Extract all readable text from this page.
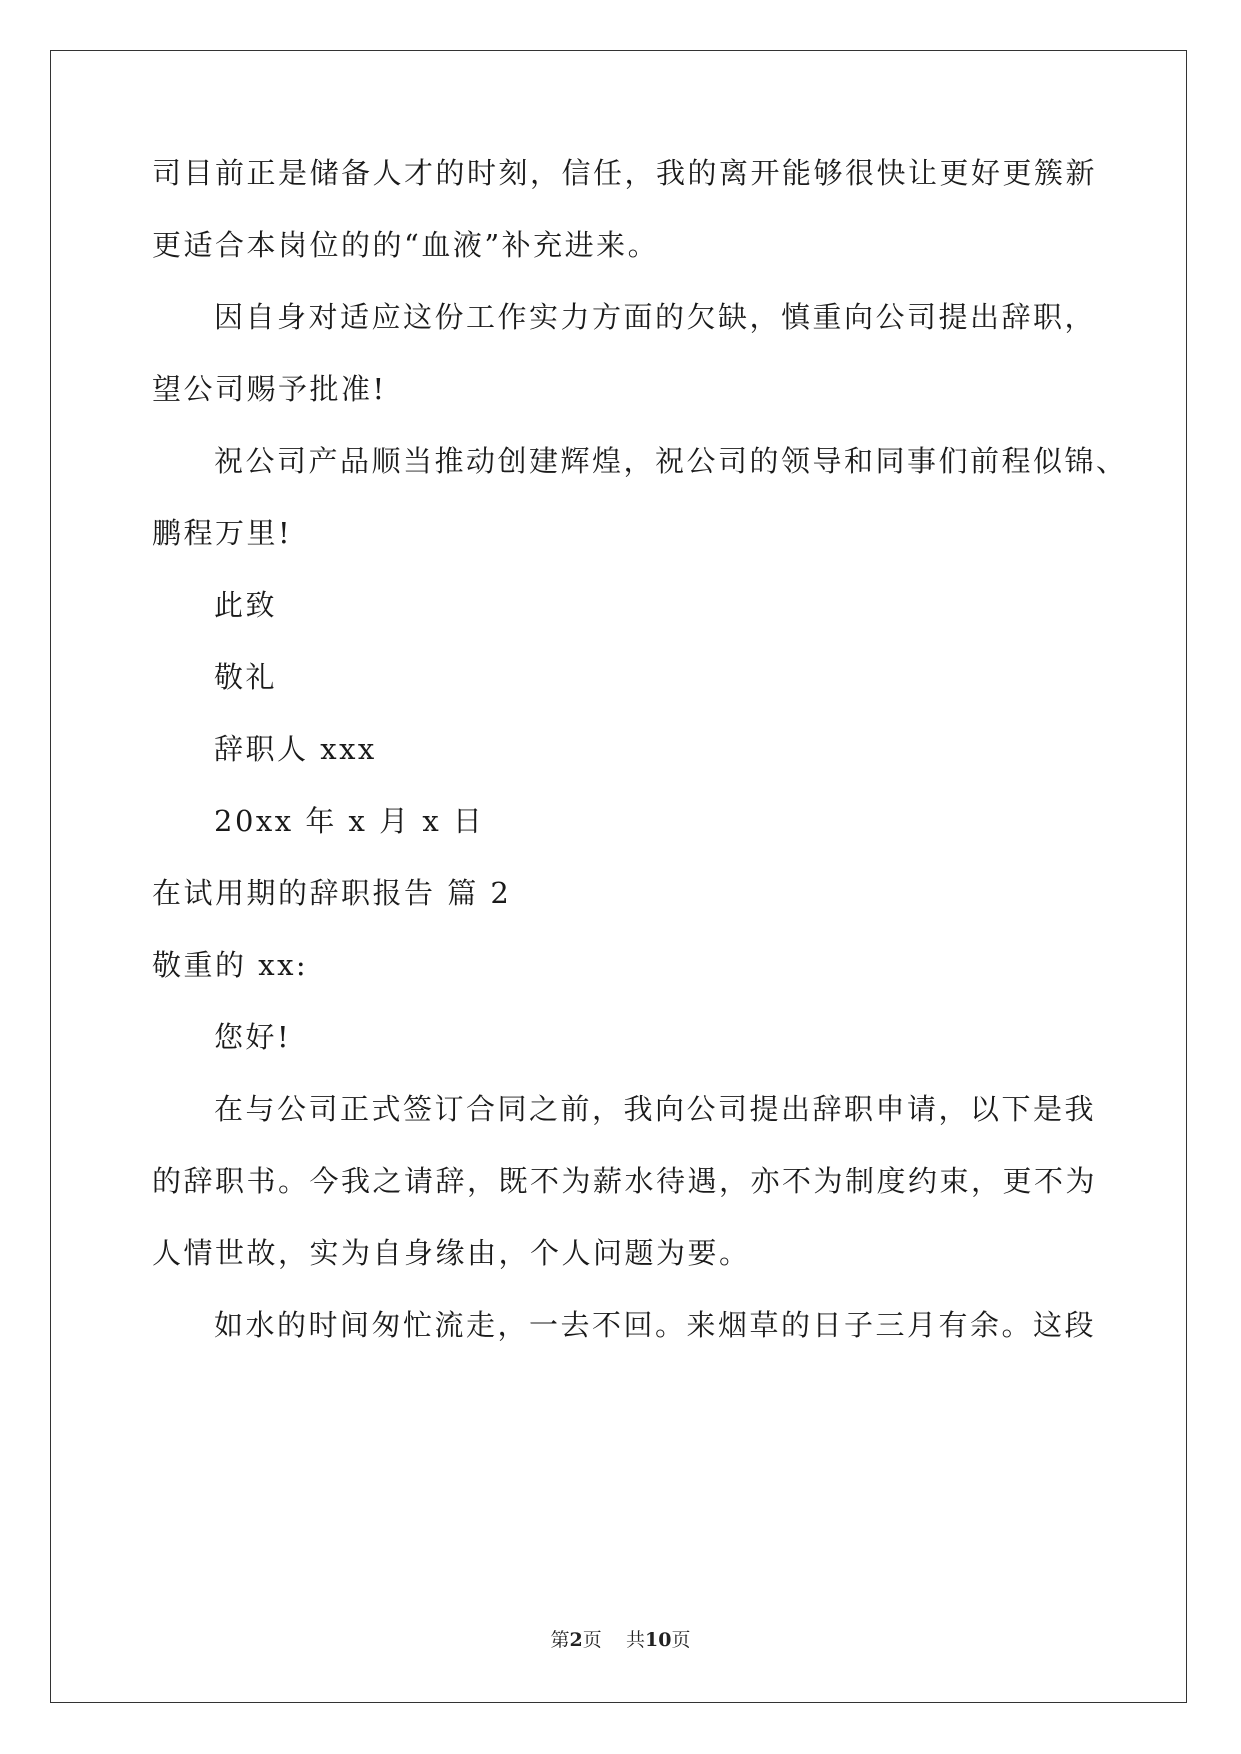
司目前正是储备人才的时刻，信任，我的离开能够很快让更好更簇新
更适合本岗位的的“血液”补充进来。
因自身对适应这份工作实力方面的欠缺，慎重向公司提出辞职，
望公司赐予批准!
祝公司产品顺当推动创建辉煌，祝公司的领导和同事们前程似锦、
鹏程万里!
此致
敬礼
辞职人 xxx
20xx 年 x 月 x 日
在试用期的辞职报告 篇 2
敬重的 xx:
您好!
在与公司正式签订合同之前，我向公司提出辞职申请，以下是我
的辞职书。今我之请辞，既不为薪水待遇，亦不为制度约束，更不为
人情世故，实为自身缘由，个人问题为要。
如水的时间匆忙流走，一去不回。来烟草的日子三月有余。这段
第2页 共10页
